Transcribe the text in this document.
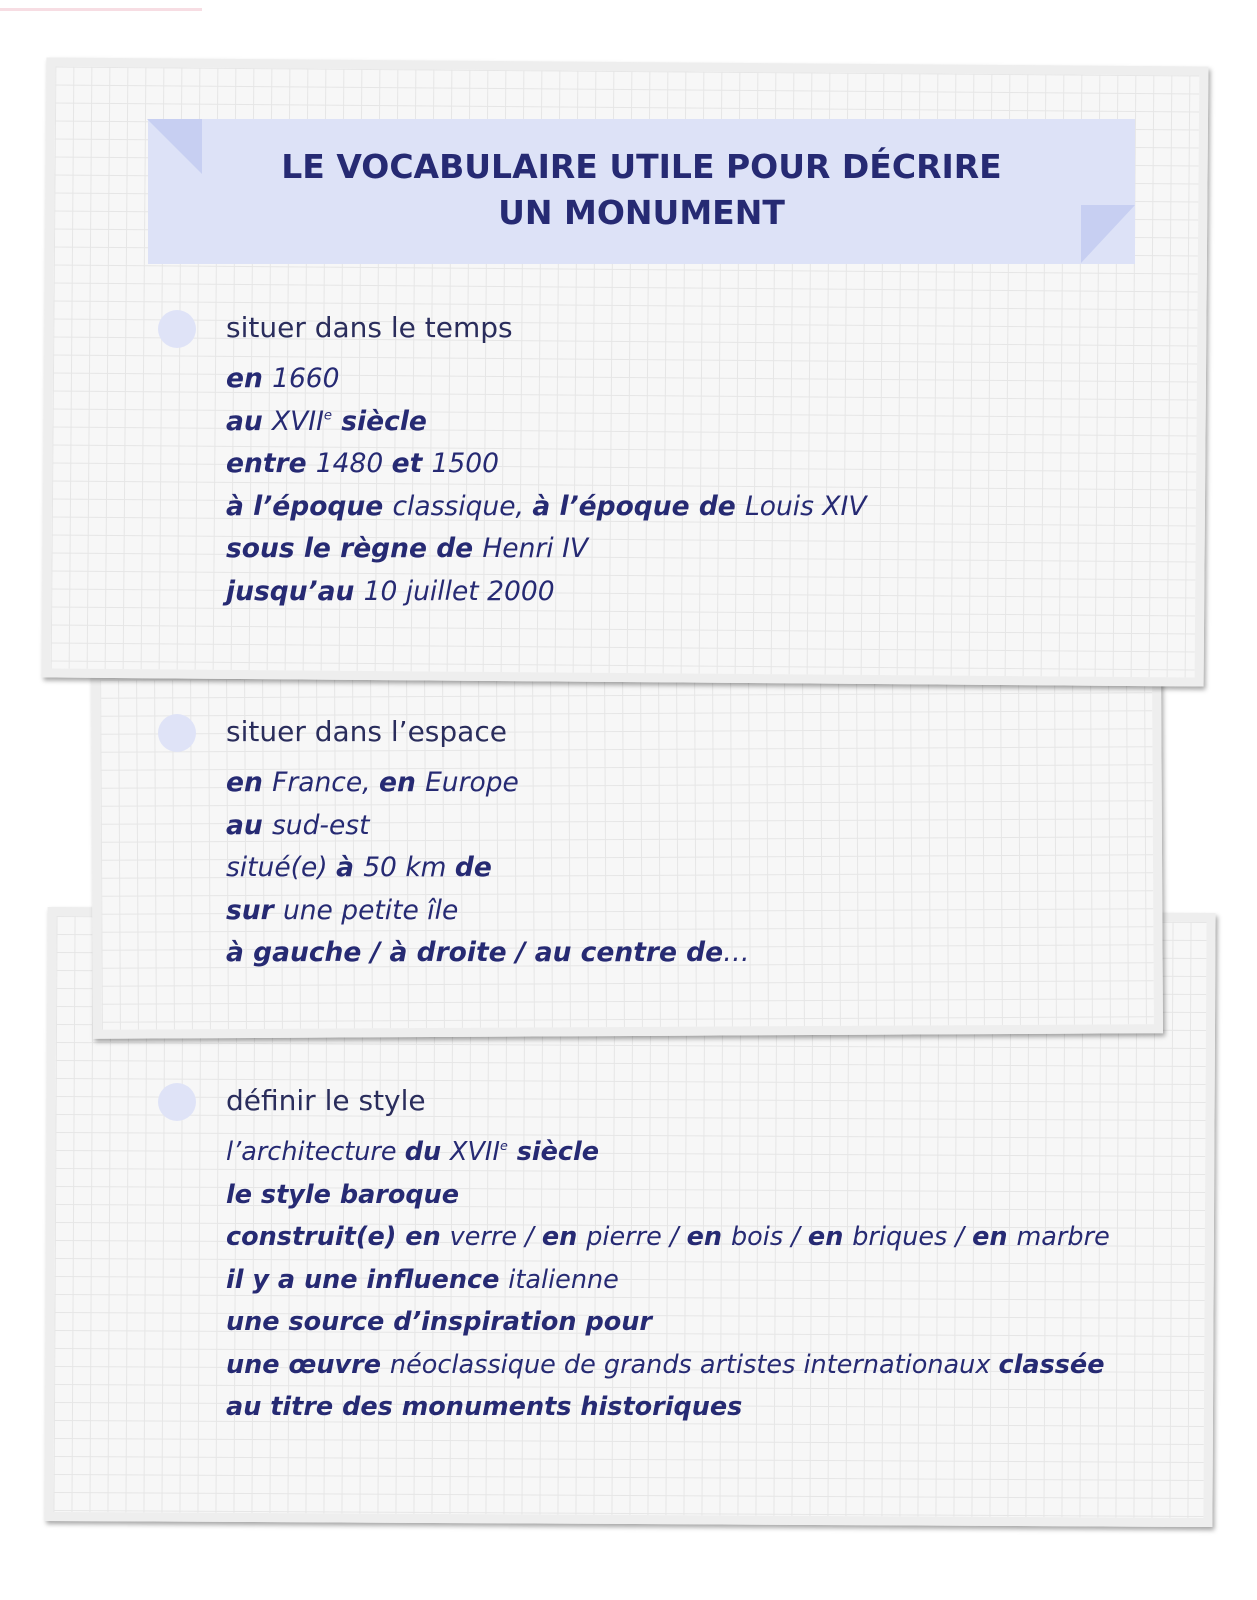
LE VOCABULAIRE UTILE POUR DÉCRIRE
UN MONUMENT
situer dans le temps
en 1660
au XVIIe siècle
entre 1480 et 1500
à l’époque classique, à l’époque de Louis XIV
sous le règne de Henri IV
jusqu’au 10 juillet 2000
situer dans l’espace
en France, en Europe
au sud-est
situé(e) à 50 km de
sur une petite île
à gauche / à droite / au centre de…
définir le style
l’architecture du XVIIe siècle
le style baroque
construit(e) en verre / en pierre / en bois / en briques / en marbre
il y a une influence italienne
une source d’inspiration pour
une œuvre néoclassique de grands artistes internationaux classée
au titre des monuments historiques
